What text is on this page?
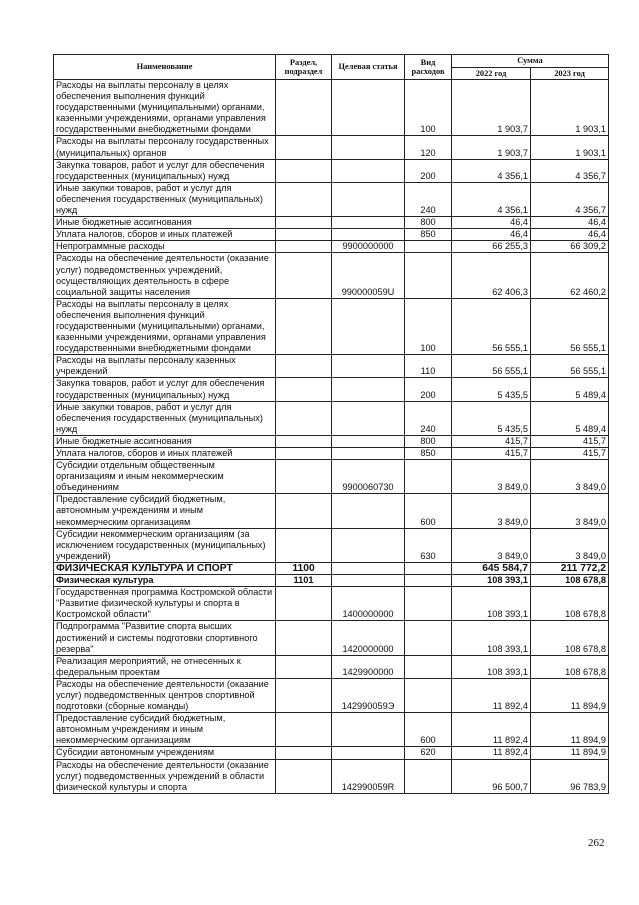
Наименование	Раздел, подраздел	Целевая статья	Вид расходов	Сумма	
				2022 год	2023 год
Расходы на выплаты персоналу в целях обеспечения выполнения функций государственными (муниципальными) органами, казенными учреждениями, органами управления государственными внебюджетными фондами			100	1 903,7	1 903,1
Расходы на выплаты персоналу государственных (муниципальных) органов			120	1 903,7	1 903,1
Закупка товаров, работ и услуг для обеспечения государственных (муниципальных) нужд			200	4 356,1	4 356,7
Иные закупки товаров, работ и услуг для обеспечения государственных (муниципальных) нужд			240	4 356,1	4 356,7
Иные бюджетные ассигнования			800	46,4	46,4
Уплата налогов, сборов и иных платежей			850	46,4	46,4
Непрограммные расходы		9900000000		66 255,3	66 309,2
Расходы на обеспечение деятельности (оказание услуг) подведомственных учреждений, осуществляющих деятельность в сфере социальной защиты населения		990000059U		62 406,3	62 460,2
Расходы на выплаты персоналу в целях обеспечения выполнения функций государственными (муниципальными) органами, казенными учреждениями, органами управления государственными внебюджетными фондами			100	56 555,1	56 555,1
Расходы на выплаты персоналу казенных учреждений			110	56 555,1	56 555,1
Закупка товаров, работ и услуг для обеспечения государственных (муниципальных) нужд			200	5 435,5	5 489,4
Иные закупки товаров, работ и услуг для обеспечения государственных (муниципальных) нужд			240	5 435,5	5 489,4
Иные бюджетные ассигнования			800	415,7	415,7
Уплата налогов, сборов и иных платежей			850	415,7	415,7
Субсидии отдельным общественным организациям и иным некоммерческим объединениям		9900060730		3 849,0	3 849,0
Предоставление субсидий бюджетным, автономным учреждениям и иным некоммерческим организациям			600	3 849,0	3 849,0
Субсидии некоммерческим организациям (за исключением государственных (муниципальных) учреждений)			630	3 849,0	3 849,0
ФИЗИЧЕСКАЯ КУЛЬТУРА И СПОРТ	1100			645 584,7	211 772,2
Физическая культура	1101			108 393,1	108 678,8
Государственная программа Костромской области "Развитие физической культуры и спорта в Костромской области"		1400000000		108 393,1	108 678,8
Подпрограмма "Развитие спорта высших достижений и системы подготовки спортивного резерва"		1420000000		108 393,1	108 678,8
Реализация мероприятий, не отнесенных к федеральным проектам		1429900000		108 393,1	108 678,8
Расходы на обеспечение деятельности (оказание услуг) подведомственных центров спортивной подготовки (сборные команды)		142990059Э		11 892,4	11 894,9
Предоставление субсидий бюджетным, автономным учреждениям и иным некоммерческим организациям			600	11 892,4	11 894,9
Субсидии автономным учреждениям			620	11 892,4	11 894,9
Расходы на обеспечение деятельности (оказание услуг) подведомственных учреждений в области физической культуры и спорта		142990059R		96 500,7	96 783,9
262
